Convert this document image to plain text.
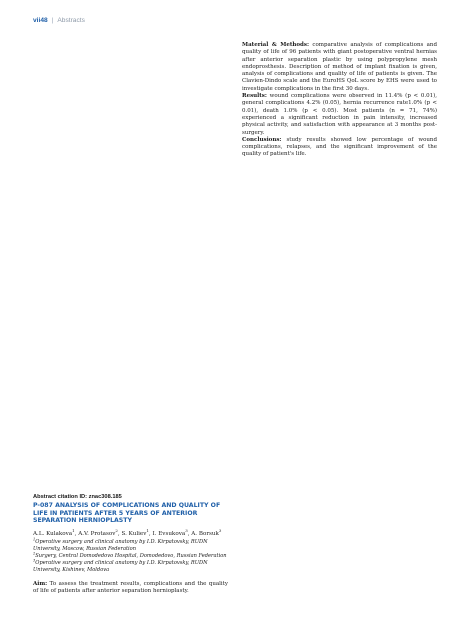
vii48 | Abstracts

Material & Methods: comparative analysis of complications and quality of life of 96 patients with giant postoperative ventral hernias after anterior separation plastic by using polypropylene mesh endoprosthesis. Description of method of implant fixation is given, analysis of complications and quality of life of patients is given. The Clavien-Dindo scale and the EuroHS QoL score by EHS were used to investigate complications in the first 30 days.

Results: wound complications were observed in 11.4% (p < 0.01), general complications 4.2% (0.05), hernia recurrence rate1.0% (p < 0.01), death 1.0% (p < 0.05). Most patients (n = 71, 74%) experienced a significant reduction in pain intensity, increased physical activity, and satisfaction with appearance at 3 months post-surgery.

Conclusions: study results showed low percentage of wound complications, relapses, and the significant improvement of the quality of patient's life.

Abstract citation ID: znac308.185

P-087 ANALYSIS OF COMPLICATIONS AND QUALITY OF LIFE IN PATIENTS AFTER 5 YEARS OF ANTERIOR SEPARATION HERNIOPLASTY

A.L. Kulakova$^1$, A.V. Protasov$^2$, S. Kuliev$^1$, I. Evsukova$^3$, A. Borsuk$^3$

$^1$Operative surgery and clinical anatomy by I.D. Kirpatovsky, RUDN University, Moscow, Russian Federation

$^2$Surgery, Central Domodedovo Hospital, Domodedovo, Russian Federation

$^3$Operative surgery and clinical anatomy by I.D. Kirpatovsky, RUDN University, Kishinev, Moldova

Aim: To assess the treatment results, complications and the quality of life of patients after anterior separation hernioplasty.
